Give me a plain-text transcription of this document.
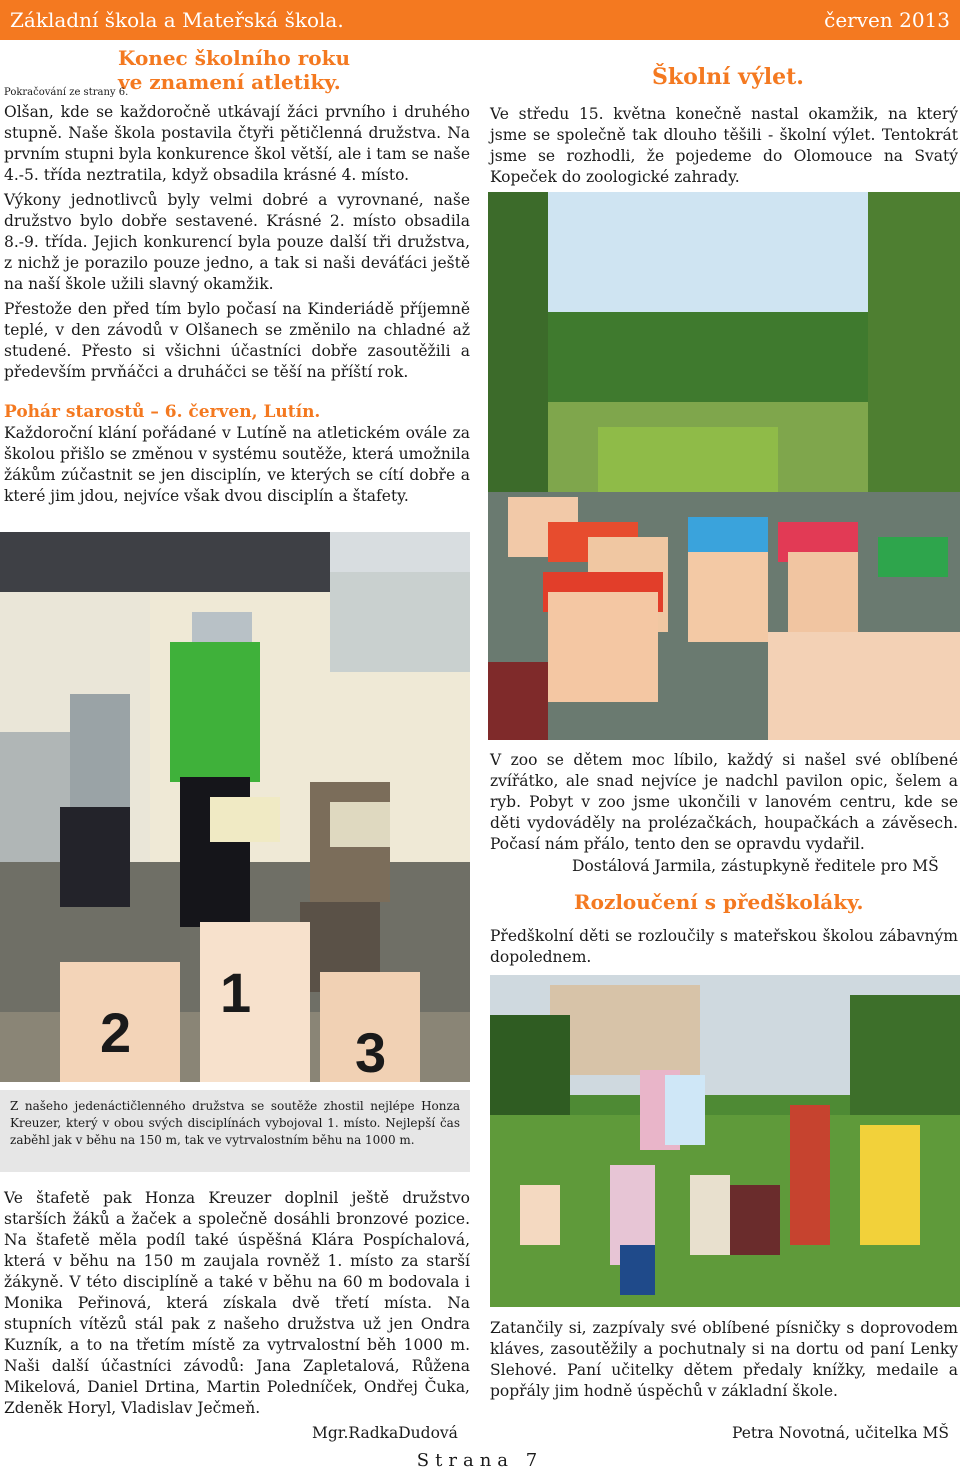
Základní škola a Mateřská škola.	červen 2013
Konec školního roku
ve znamení atletiky.
Pokračování ze strany 6.

Olšan, kde se každoročně utkávají žáci prvního i druhého stupně. Naše škola postavila čtyři pětičlenná družstva. Na prvním stupni byla konkurence škol větší, ale i tam se naše 4.-5. třída neztratila, když obsadila krásné 4. místo.

Výkony jednotlivců byly velmi dobré a vyrovnané, naše družstvo bylo dobře sestavené. Krásné 2. místo obsadila 8.-9. třída. Jejich konkurencí byla pouze další tři družstva, z nichž je porazilo pouze jedno, a tak si naši deváťáci ještě na naší škole užili slavný okamžik.

Přestože den před tím bylo počasí na Kinderiádě příjemně teplé, v den závodů v Olšanech se změnilo na chladné až studené. Přesto si všichni účastníci dobře zasoutěžili a především prvňáčci a druháčci se těší na příští rok.

Pohár starostů – 6. červen, Lutín.
Každoroční klání pořádané v Lutíně na atletickém ovále za školou přišlo se změnou v systému soutěže, která umožnila žákům zúčastnit se jen disciplín, ve kterých se cítí dobře a které jim jdou, nejvíce však dvou disciplín a štafety.
2
1
3
Z našeho jedenáctičlenného družstva se soutěže zhostil nejlépe Honza Kreuzer, který v obou svých disciplínách vybojoval 1. místo. Nejlepší čas zaběhl jak v běhu na 150 m, tak ve vytrvalostním běhu na 1000 m.
Ve štafetě pak Honza Kreuzer doplnil ještě družstvo starších žáků a žaček a společně dosáhli bronzové pozice. Na štafetě měla podíl také úspěšná Klára Pospíchalová, která v běhu na 150 m zaujala rovněž 1. místo za starší žákyně. V této disciplíně a také v běhu na 60 m bodovala i Monika Peřinová, která získala dvě třetí místa. Na stupních vítězů stál pak z našeho družstva už jen Ondra Kuzník, a to na třetím místě za vytrvalostní běh 1000 m. Naši další účastníci závodů: Jana Zapletalová, Růžena Mikelová, Daniel Drtina, Martin Poledníček, Ondřej Čuka, Zdeněk Horyl, Vladislav Ječmeň.
Mgr.RadkaDudová
Školní výlet.
Ve středu 15. května konečně nastal okamžik, na který jsme se společně tak dlouho těšili - školní výlet. Tentokrát jsme se rozhodli, že pojedeme do Olomouce na Svatý Kopeček do zoologické zahrady.
V zoo se dětem moc líbilo, každý si našel své oblíbené zvířátko, ale snad nejvíce je nadchl pavilon opic, šelem a ryb. Pobyt v zoo jsme ukončili v lanovém centru, kde se děti vydováděly na prolézačkách, houpačkách a závěsech. Počasí nám přálo, tento den se opravdu vydařil.
Dostálová Jarmila, zástupkyně ředitele pro MŠ
Rozloučení s předškoláky.
Předškolní děti se rozloučily s mateřskou školou zábavným dopolednem.
Zatančily si, zazpívaly své oblíbené písničky s doprovodem kláves, zasoutěžily a pochutnaly si na dortu od paní Lenky Slehové. Paní učitelky dětem předaly knížky, medaile a popřály jim hodně úspěchů v základní škole.
Petra Novotná, učitelka MŠ
Strana 7
